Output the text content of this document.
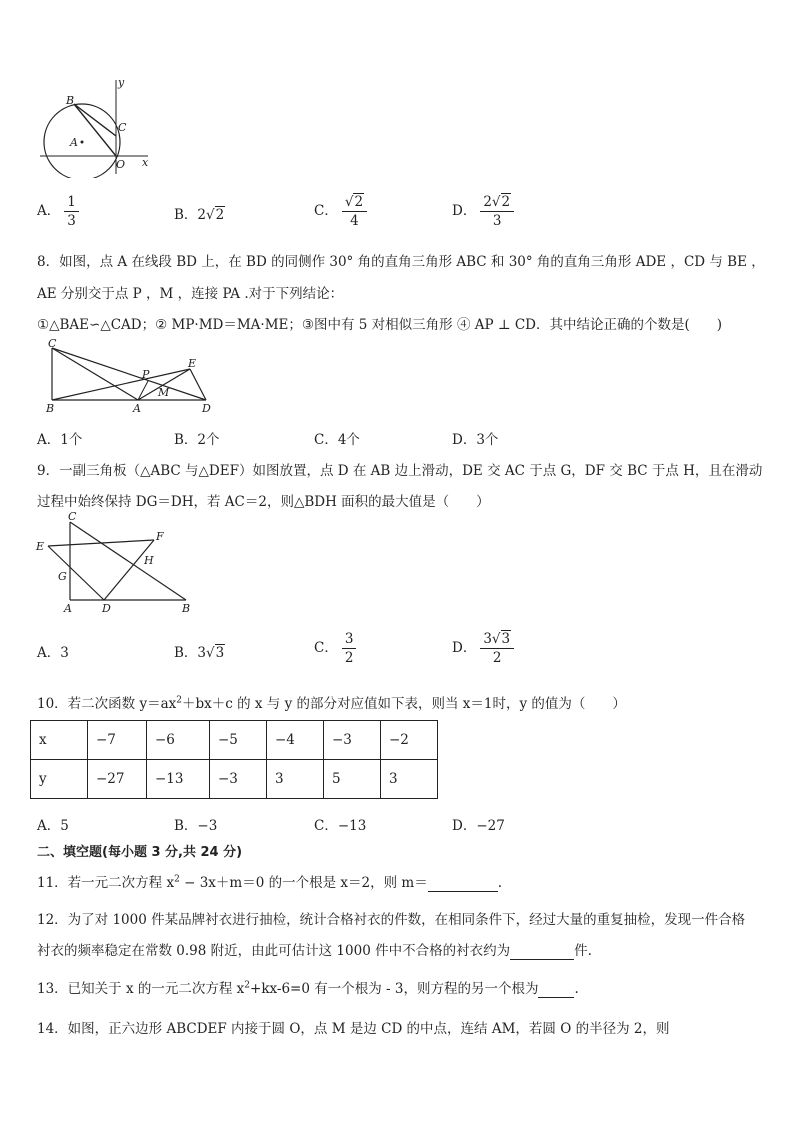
y
B
C
A
O x
A． $\frac{1}{3}$	B．2√2	C． $\frac{√2}{4}$	D． $\frac{2√2}{3}$
8．如图，点 A 在线段 BD 上，在 BD 的同侧作 30° 角的直角三角形 ABC 和 30° 角的直角三角形 ADE ，CD 与 BE ，
AE 分别交于点 P ，M ，连接 PA .对于下列结论：
①△BAE∽△CAD；② MP·MD＝MA·ME；③图中有 5 对相似三角形 ④ AP ⊥ CD．其中结论正确的个数是(　　)
C
E
P
M
B	A	D
A．1个	B．2个	C．4个	D．3个
9．一副三角板（△ABC 与△DEF）如图放置，点 D 在 AB 边上滑动，DE 交 AC 于点 G，DF 交 BC 于点 H，且在滑动
过程中始终保持 DG＝DH，若 AC＝2，则△BDH 面积的最大值是（　　）
C
E
F
G
H
A	D	B
A．3	B．3√3	C． $\frac{3}{2}$	D． $\frac{3√3}{2}$
10．若二次函数 $y=ax^2+bx+c$ 的 x 与 y 的部分对应值如下表，则当 x＝1时，y 的值为（　　）
x	−7	−6	−5	−4	−3	−2
y	−27	−13	−3	3	5	3
A．5	B．−3	C．−13	D．−27
二、填空题(每小题 3 分,共 24 分)
11．若一元二次方程 $x^2 - 3x+m=0$ 的一个根是 x＝2，则 m＝	.
12．为了对 1000 件某品牌衬衣进行抽检，统计合格衬衣的件数，在相同条件下，经过大量的重复抽检，发现一件合格
衬衣的频率稳定在常数 0.98 附近，由此可估计这 1000 件中不合格的衬衣约为	件.
13．已知关于 x 的一元二次方程 $x^2+kx-6=0$ 有一个根为 - 3，则方程的另一个根为	.
14．如图，正六边形 ABCDEF 内接于圆 O，点 M 是边 CD 的中点，连结 AM，若圆 O 的半径为 2，则
